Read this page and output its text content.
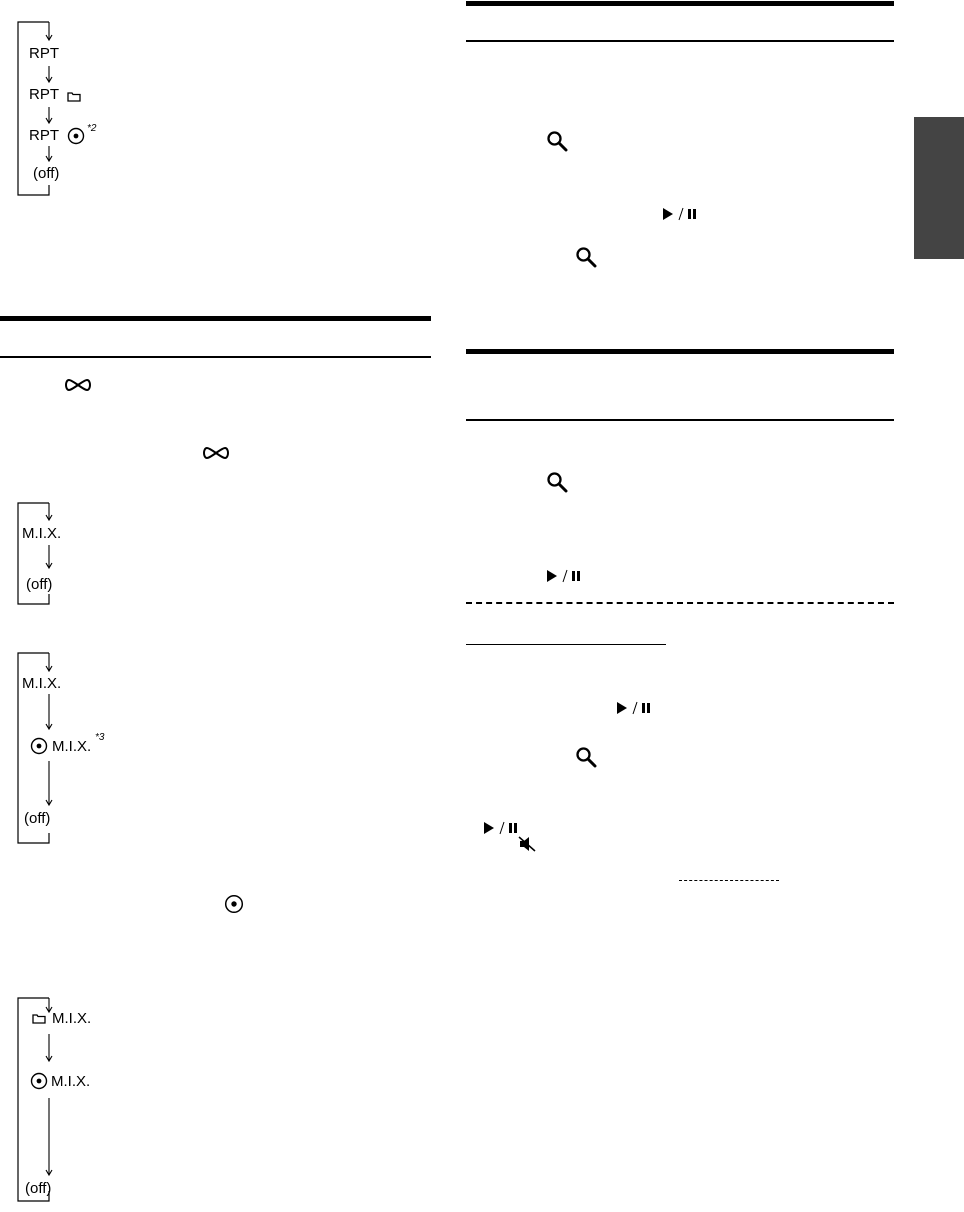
RPT
RPT
RPT	*2
(off)
M.I.X.
(off)
M.I.X.
M.I.X.
*3
(off)
M.I.X.
M.I.X.
(off)
